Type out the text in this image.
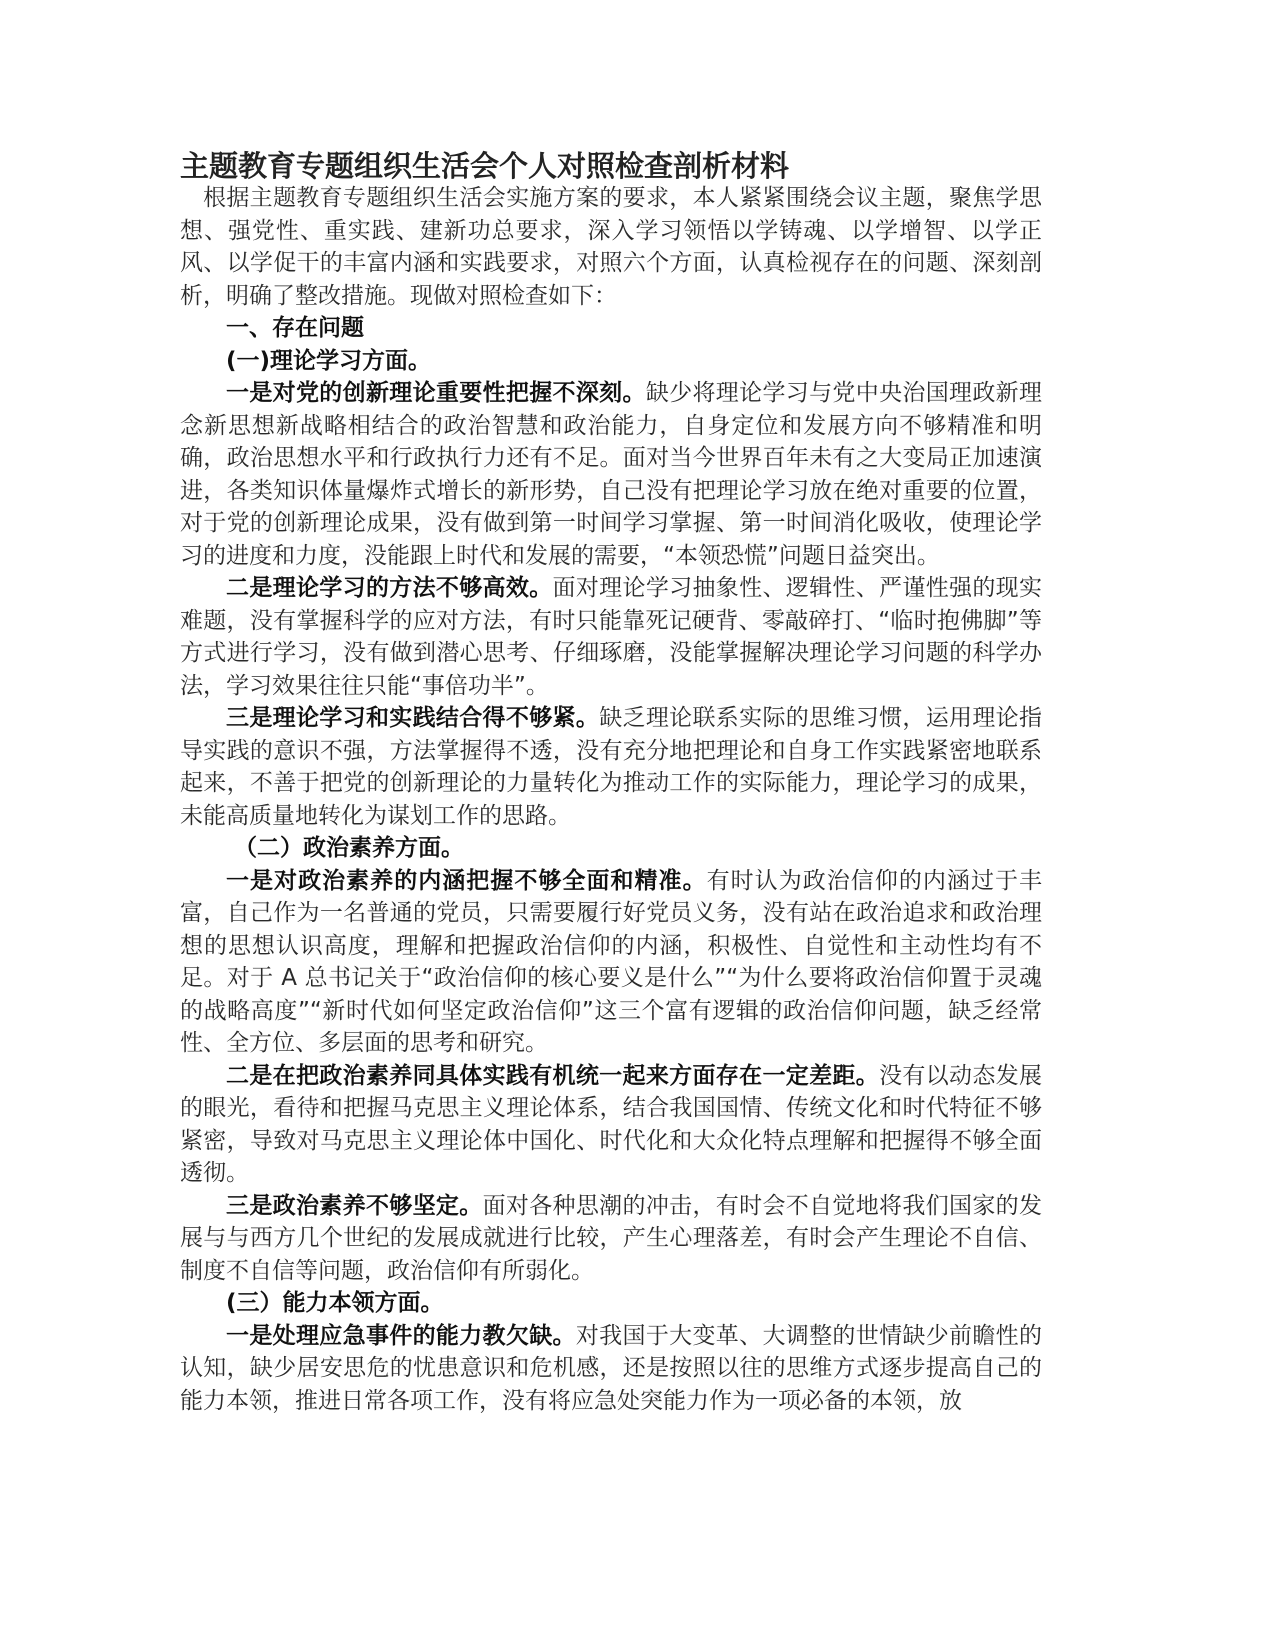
主题教育专题组织生活会个人对照检查剖析材料

根据主题教育专题组织生活会实施方案的要求，本人紧紧围绕会议主题，聚焦学思想、强党性、重实践、建新功总要求，深入学习领悟以学铸魂、以学增智、以学正风、以学促干的丰富内涵和实践要求，对照六个方面，认真检视存在的问题、深刻剖析，明确了整改措施。现做对照检查如下：

一、存在问题

(一)理论学习方面。

一是对党的创新理论重要性把握不深刻。缺少将理论学习与党中央治国理政新理念新思想新战略相结合的政治智慧和政治能力，自身定位和发展方向不够精准和明确，政治思想水平和行政执行力还有不足。面对当今世界百年未有之大变局正加速演进，各类知识体量爆炸式增长的新形势，自己没有把理论学习放在绝对重要的位置，对于党的创新理论成果，没有做到第一时间学习掌握、第一时间消化吸收，使理论学习的进度和力度，没能跟上时代和发展的需要，“本领恐慌”问题日益突出。

二是理论学习的方法不够高效。面对理论学习抽象性、逻辑性、严谨性强的现实难题，没有掌握科学的应对方法，有时只能靠死记硬背、零敲碎打、“临时抱佛脚”等方式进行学习，没有做到潜心思考、仔细琢磨，没能掌握解决理论学习问题的科学办法，学习效果往往只能“事倍功半”。

三是理论学习和实践结合得不够紧。缺乏理论联系实际的思维习惯，运用理论指导实践的意识不强，方法掌握得不透，没有充分地把理论和自身工作实践紧密地联系起来，不善于把党的创新理论的力量转化为推动工作的实际能力，理论学习的成果，未能高质量地转化为谋划工作的思路。

（二）政治素养方面。

一是对政治素养的内涵把握不够全面和精准。有时认为政治信仰的内涵过于丰富，自己作为一名普通的党员，只需要履行好党员义务，没有站在政治追求和政治理想的思想认识高度，理解和把握政治信仰的内涵，积极性、自觉性和主动性均有不足。对于 A 总书记关于“政治信仰的核心要义是什么”“为什么要将政治信仰置于灵魂的战略高度”“新时代如何坚定政治信仰”这三个富有逻辑的政治信仰问题，缺乏经常性、全方位、多层面的思考和研究。

二是在把政治素养同具体实践有机统一起来方面存在一定差距。没有以动态发展的眼光，看待和把握马克思主义理论体系，结合我国国情、传统文化和时代特征不够紧密，导致对马克思主义理论体中国化、时代化和大众化特点理解和把握得不够全面透彻。

三是政治素养不够坚定。面对各种思潮的冲击，有时会不自觉地将我们国家的发展与与西方几个世纪的发展成就进行比较，产生心理落差，有时会产生理论不自信、制度不自信等问题，政治信仰有所弱化。

(三）能力本领方面。

一是处理应急事件的能力教欠缺。对我国于大变革、大调整的世情缺少前瞻性的认知，缺少居安思危的忧患意识和危机感，还是按照以往的思维方式逐步提高自己的能力本领，推进日常各项工作，没有将应急处突能力作为一项必备的本领，放
